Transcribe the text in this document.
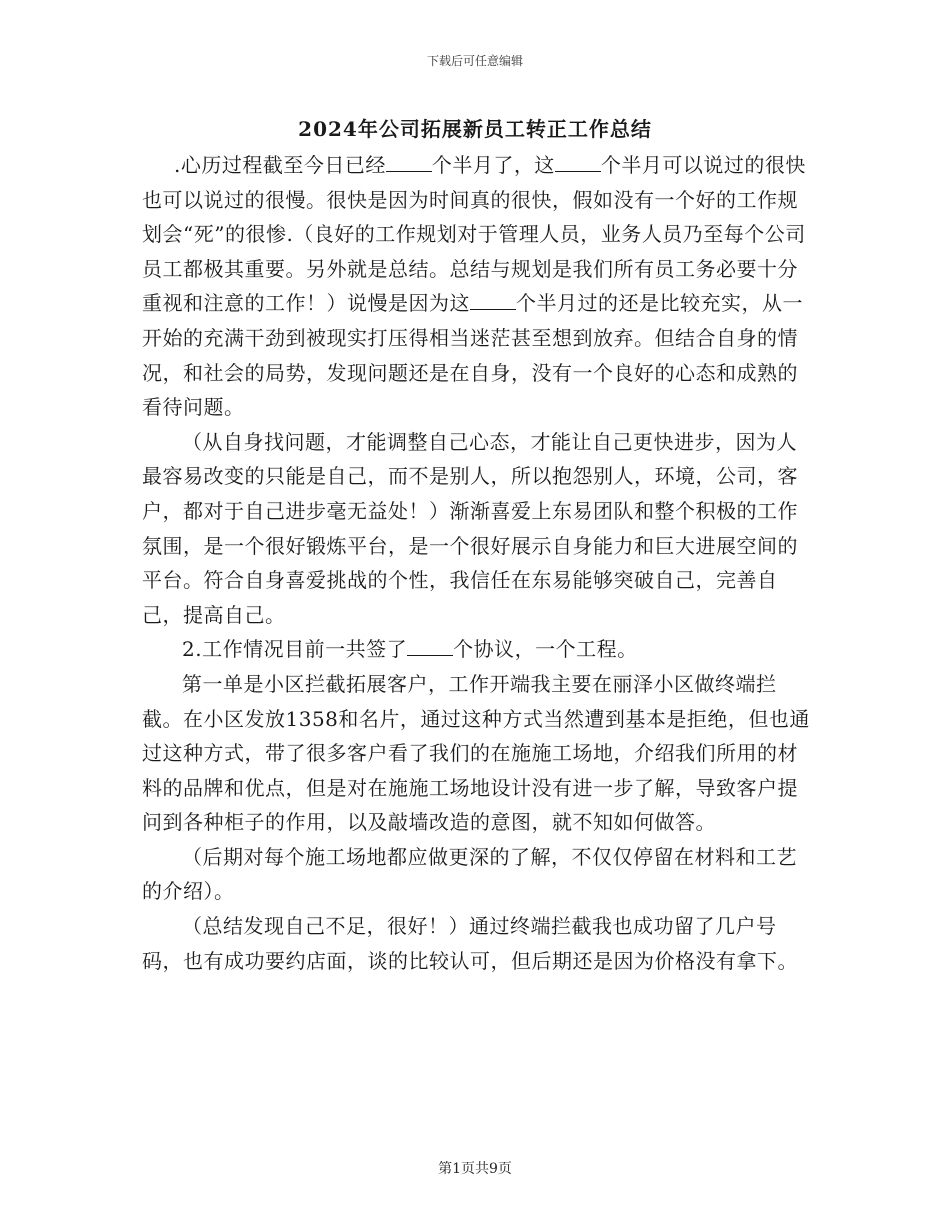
下载后可任意编辑
2024年公司拓展新员工转正工作总结

.心历过程截至今日已经 个半月了，这 个半月可以说过的很快也可以说过的很慢。很快是因为时间真的很快，假如没有一个好的工作规划会“死”的很惨.（良好的工作规划对于管理人员，业务人员乃至每个公司员工都极其重要。另外就是总结。总结与规划是我们所有员工务必要十分重视和注意的工作！）说慢是因为这 个半月过的还是比较充实，从一开始的充满干劲到被现实打压得相当迷茫甚至想到放弃。但结合自身的情况，和社会的局势，发现问题还是在自身，没有一个良好的心态和成熟的看待问题。

（从自身找问题，才能调整自己心态，才能让自己更快进步，因为人最容易改变的只能是自己，而不是别人，所以抱怨别人，环境，公司，客户，都对于自己进步毫无益处！）渐渐喜爱上东易团队和整个积极的工作氛围，是一个很好锻炼平台，是一个很好展示自身能力和巨大进展空间的平台。符合自身喜爱挑战的个性，我信任在东易能够突破自己，完善自己，提高自己。

2.工作情况目前一共签了 个协议，一个工程。

第一单是小区拦截拓展客户，工作开端我主要在丽泽小区做终端拦截。在小区发放1358和名片，通过这种方式当然遭到基本是拒绝，但也通过这种方式，带了很多客户看了我们的在施施工场地，介绍我们所用的材料的品牌和优点，但是对在施施工场地设计没有进一步了解，导致客户提问到各种柜子的作用，以及敲墙改造的意图，就不知如何做答。

（后期对每个施工场地都应做更深的了解，不仅仅停留在材料和工艺的介绍）。

（总结发现自己不足，很好！）通过终端拦截我也成功留了几户号码，也有成功要约店面，谈的比较认可，但后期还是因为价格没有拿下。

第1页共9页
